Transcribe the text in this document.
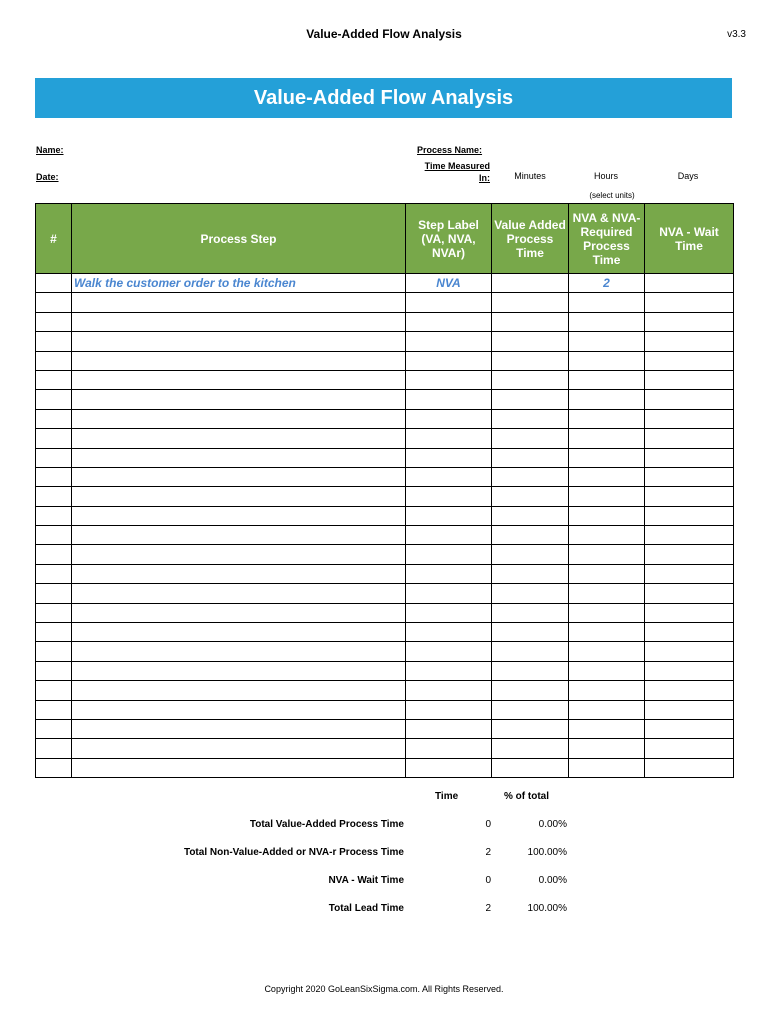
Value-Added Flow Analysis	v3.3
Value-Added Flow Analysis
Name:
Date:
Process Name:
Time Measured In:	Minutes	Hours	Days
(select units)
#	Process Step	Step Label (VA, NVA, NVAr)	Value Added Process Time	NVA & NVA-Required Process Time	NVA - Wait Time
	Walk the customer order to the kitchen	NVA		2	

Time	% of total
Total Value-Added Process Time	0	0.00%
Total Non-Value-Added or NVA-r Process Time	2	100.00%
NVA - Wait Time	0	0.00%
Total Lead Time	2	100.00%
Copyright 2020 GoLeanSixSigma.com. All Rights Reserved.
